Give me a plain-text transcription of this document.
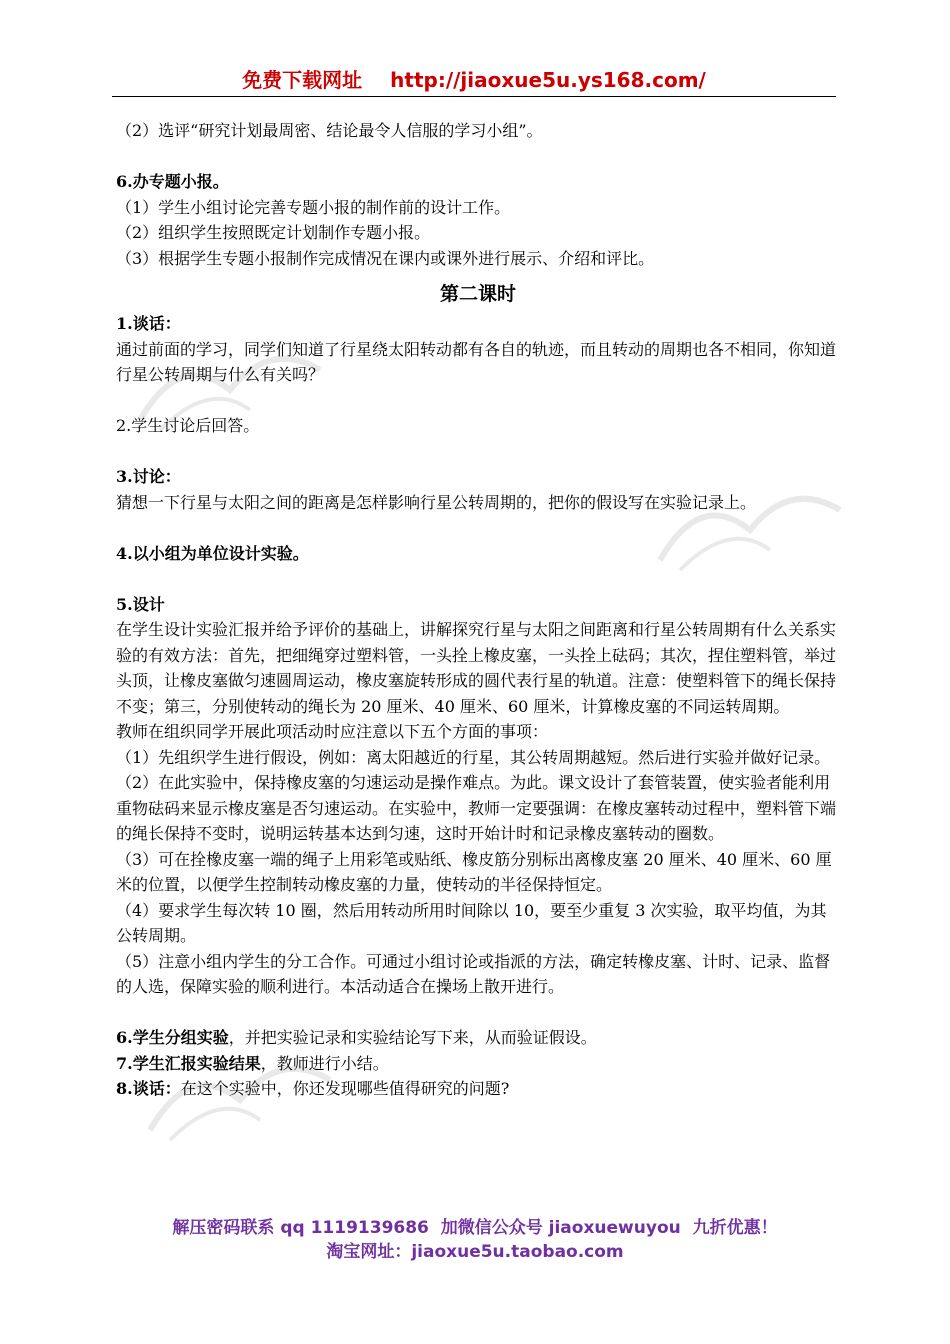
免费下载网址 http://jiaoxue5u.ys168.com/

（2）选评“研究计划最周密、结论最令人信服的学习小组”。

6.办专题小报。

（1）学生小组讨论完善专题小报的制作前的设计工作。

（2）组织学生按照既定计划制作专题小报。

（3）根据学生专题小报制作完成情况在课内或课外进行展示、介绍和评比。

第二课时

1.谈话：

通过前面的学习，同学们知道了行星绕太阳转动都有各自的轨迹，而且转动的周期也各不相同，你知道行星公转周期与什么有关吗？

2.学生讨论后回答。

3.讨论：

猜想一下行星与太阳之间的距离是怎样影响行星公转周期的，把你的假设写在实验记录上。

4.以小组为单位设计实验。

5.设计

在学生设计实验汇报并给予评价的基础上，讲解探究行星与太阳之间距离和行星公转周期有什么关系实验的有效方法：首先，把细绳穿过塑料管，一头拴上橡皮塞，一头拴上砝码；其次，捏住塑料管，举过头顶，让橡皮塞做匀速圆周运动，橡皮塞旋转形成的圆代表行星的轨道。注意：使塑料管下的绳长保持不变；第三，分别使转动的绳长为 20 厘米、40 厘米、60 厘米，计算橡皮塞的不同运转周期。

教师在组织同学开展此项活动时应注意以下五个方面的事项：

（1）先组织学生进行假设，例如：离太阳越近的行星，其公转周期越短。然后进行实验并做好记录。

（2）在此实验中，保持橡皮塞的匀速运动是操作难点。为此。课文设计了套管装置，使实验者能利用重物砝码来显示橡皮塞是否匀速运动。在实验中，教师一定要强调：在橡皮塞转动过程中，塑料管下端的绳长保持不变时，说明运转基本达到匀速，这时开始计时和记录橡皮塞转动的圈数。

（3）可在拴橡皮塞一端的绳子上用彩笔或贴纸、橡皮筋分别标出离橡皮塞 20 厘米、40 厘米、60 厘米的位置，以便学生控制转动橡皮塞的力量，使转动的半径保持恒定。

（4）要求学生每次转 10 圈，然后用转动所用时间除以 10，要至少重复 3 次实验，取平均值，为其公转周期。

（5）注意小组内学生的分工合作。可通过小组讨论或指派的方法，确定转橡皮塞、计时、记录、监督的人选，保障实验的顺利进行。本活动适合在操场上散开进行。

6.学生分组实验，并把实验记录和实验结论写下来，从而验证假设。

7.学生汇报实验结果，教师进行小结。

8.谈话：在这个实验中，你还发现哪些值得研究的问题?

解压密码联系 qq 1119139686 加微信公众号 jiaoxuewuyou 九折优惠！
淘宝网址：jiaoxue5u.taobao.com
